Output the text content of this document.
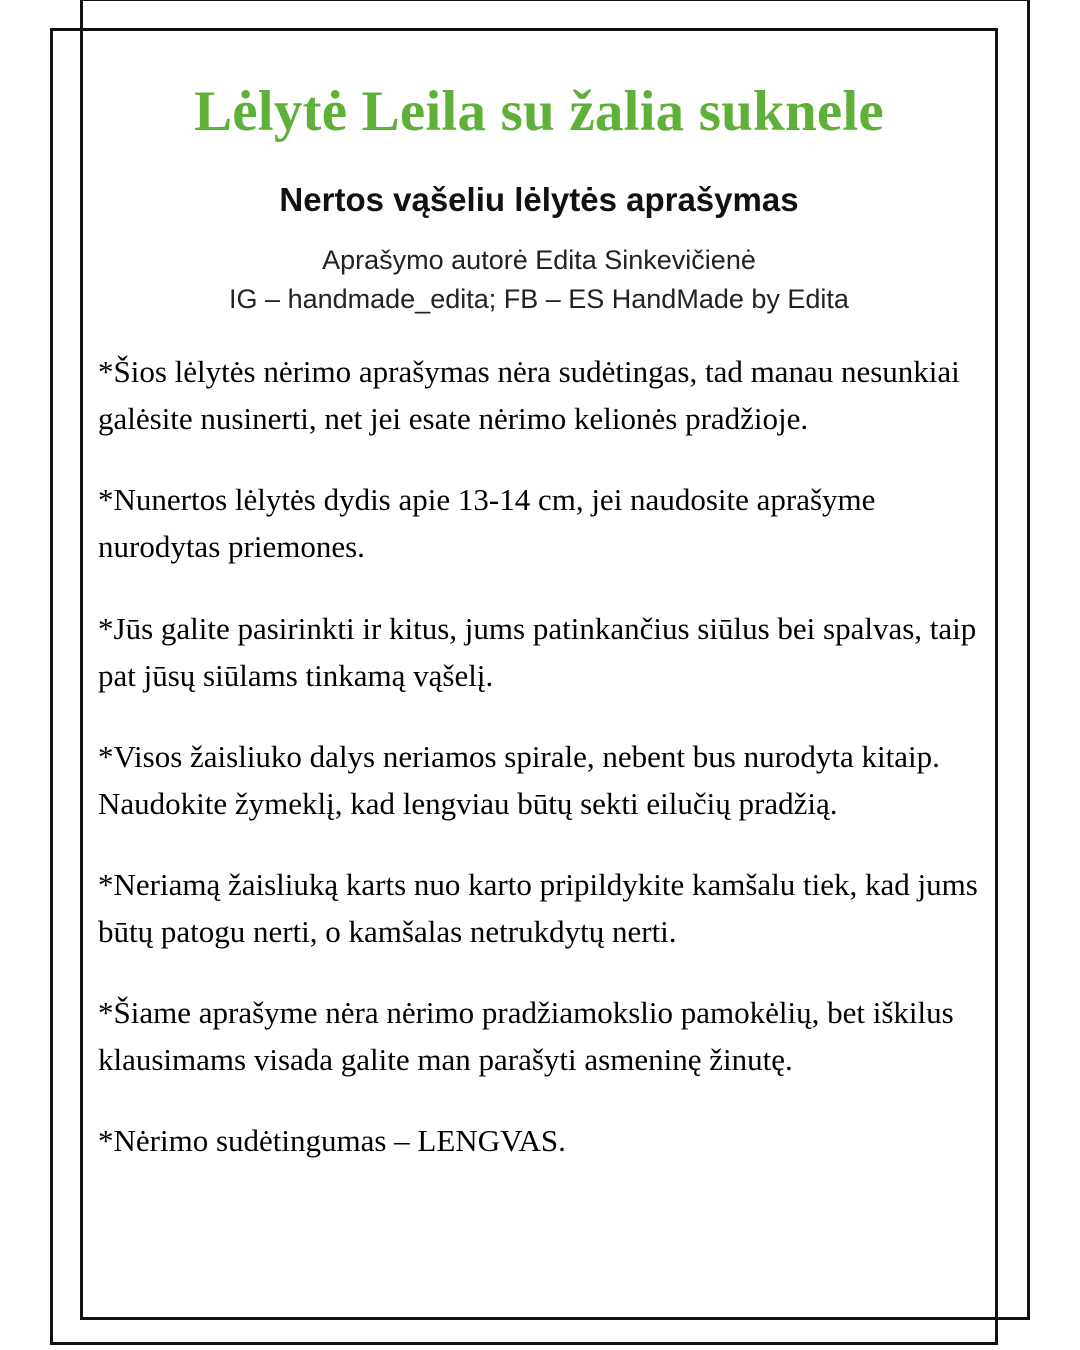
Lėlytė Leila su žalia suknele
Nertos vąšeliu lėlytės aprašymas
Aprašymo autorė Edita Sinkevičienė
IG – handmade_edita; FB – ES HandMade by Edita

*Šios lėlytės nėrimo aprašymas nėra sudėtingas, tad manau nesunkiai galėsite nusinerti, net jei esate nėrimo kelionės pradžioje.

*Nunertos lėlytės dydis apie 13-14 cm, jei naudosite aprašyme nurodytas priemones.

*Jūs galite pasirinkti ir kitus, jums patinkančius siūlus bei spalvas, taip pat jūsų siūlams tinkamą vąšelį.

*Visos žaisliuko dalys neriamos spirale, nebent bus nurodyta kitaip. Naudokite žymeklį, kad lengviau būtų sekti eilučių pradžią.

*Neriamą žaisliuką karts nuo karto pripildykite kamšalu tiek, kad jums būtų patogu nerti, o kamšalas netrukdytų nerti.

*Šiame aprašyme nėra nėrimo pradžiamokslio pamokėlių, bet iškilus klausimams visada galite man parašyti asmeninę žinutę.

*Nėrimo sudėtingumas – LENGVAS.
